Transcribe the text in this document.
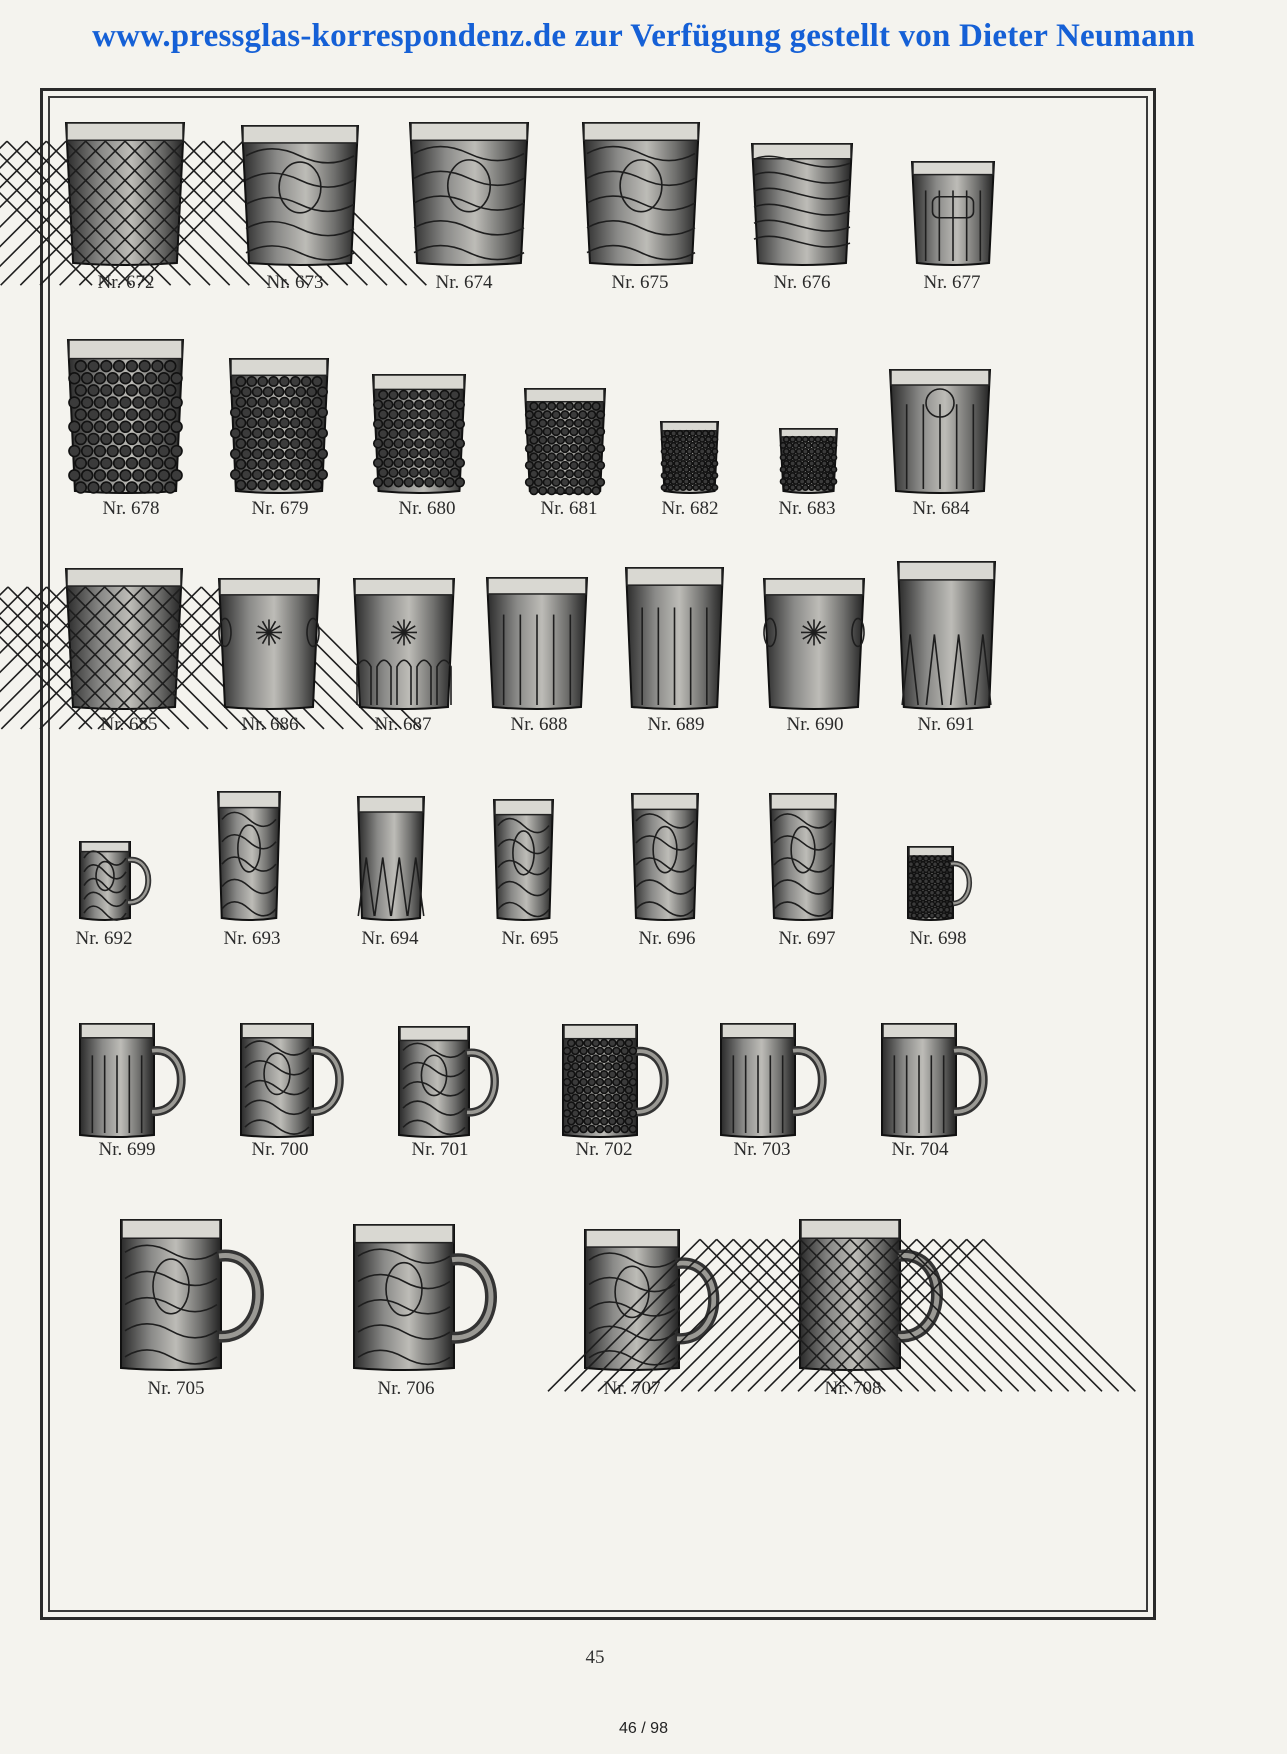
www.pressglas-korrespondenz.de zur Verfügung gestellt von Dieter Neumann
Nr. 672	Nr. 673	Nr. 674	Nr. 675	Nr. 676	Nr. 677
Nr. 678	Nr. 679	Nr. 680	Nr. 681	Nr. 682	Nr. 683	Nr. 684
Nr. 685	Nr. 686	Nr. 687	Nr. 688	Nr. 689	Nr. 690	Nr. 691
Nr. 692	Nr. 693	Nr. 694	Nr. 695	Nr. 696	Nr. 697	Nr. 698
Nr. 699	Nr. 700	Nr. 701	Nr. 702	Nr. 703	Nr. 704
Nr. 705	Nr. 706	Nr. 707	Nr. 708
45
46 / 98
